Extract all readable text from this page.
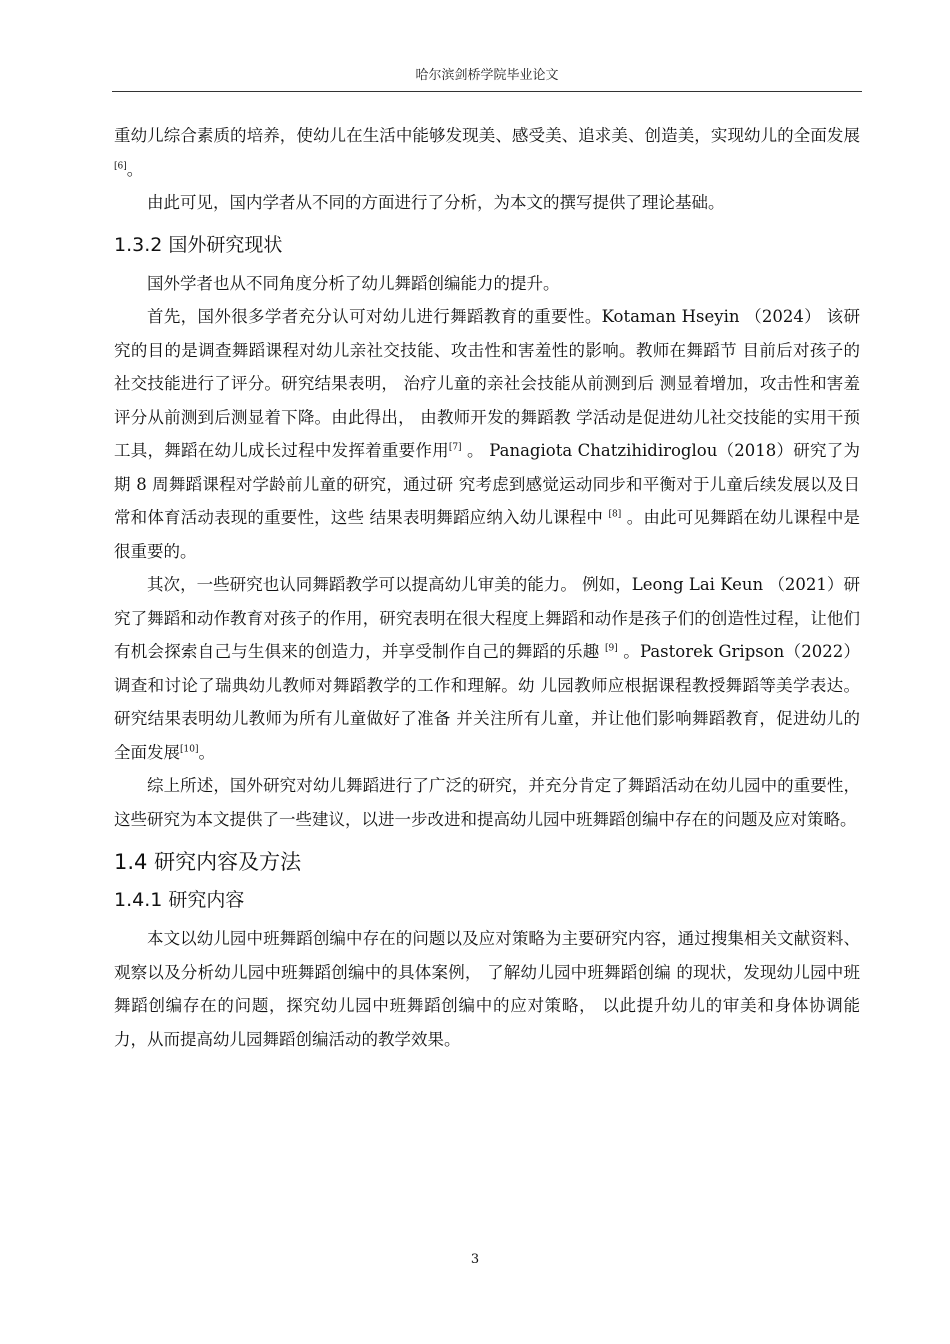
哈尔滨剑桥学院毕业论文

重幼儿综合素质的培养，使幼儿在生活中能够发现美、感受美、追求美、创造美，实现幼儿的全面发展[6]。

由此可见，国内学者从不同的方面进行了分析，为本文的撰写提供了理论基础。

1.3.2 国外研究现状

国外学者也从不同角度分析了幼儿舞蹈创编能力的提升。

首先，国外很多学者充分认可对幼儿进行舞蹈教育的重要性。Kotaman Hseyin （2024） 该研究的目的是调查舞蹈课程对幼儿亲社交技能、攻击性和害羞性的影响。教师在舞蹈节 目前后对孩子的社交技能进行了评分。研究结果表明， 治疗儿童的亲社会技能从前测到后 测显着增加，攻击性和害羞评分从前测到后测显着下降。由此得出， 由教师开发的舞蹈教 学活动是促进幼儿社交技能的实用干预工具，舞蹈在幼儿成长过程中发挥着重要作用[7] 。 Panagiota Chatzihidiroglou（2018）研究了为期 8 周舞蹈课程对学龄前儿童的研究，通过研 究考虑到感觉运动同步和平衡对于儿童后续发展以及日常和体育活动表现的重要性，这些 结果表明舞蹈应纳入幼儿课程中 [8] 。由此可见舞蹈在幼儿课程中是很重要的。

其次，一些研究也认同舞蹈教学可以提高幼儿审美的能力。 例如，Leong Lai Keun （2021）研究了舞蹈和动作教育对孩子的作用，研究表明在很大程度上舞蹈和动作是孩子们的创造性过程，让他们有机会探索自己与生俱来的创造力，并享受制作自己的舞蹈的乐趣 [9] 。Pastorek Gripson（2022）调查和讨论了瑞典幼儿教师对舞蹈教学的工作和理解。幼 儿园教师应根据课程教授舞蹈等美学表达。研究结果表明幼儿教师为所有儿童做好了准备 并关注所有儿童，并让他们影响舞蹈教育，促进幼儿的全面发展[10]。

综上所述，国外研究对幼儿舞蹈进行了广泛的研究，并充分肯定了舞蹈活动在幼儿园中的重要性，这些研究为本文提供了一些建议，以进一步改进和提高幼儿园中班舞蹈创编中存在的问题及应对策略。

1.4 研究内容及方法
1.4.1 研究内容

本文以幼儿园中班舞蹈创编中存在的问题以及应对策略为主要研究内容，通过搜集相关文献资料、观察以及分析幼儿园中班舞蹈创编中的具体案例， 了解幼儿园中班舞蹈创编 的现状，发现幼儿园中班舞蹈创编存在的问题，探究幼儿园中班舞蹈创编中的应对策略， 以此提升幼儿的审美和身体协调能力，从而提高幼儿园舞蹈创编活动的教学效果。

3
